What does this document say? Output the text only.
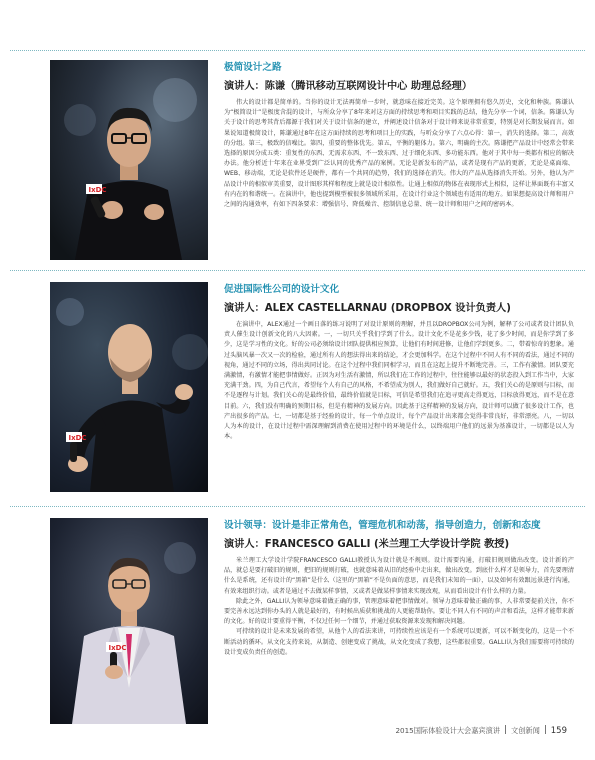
IxDC
极简设计之路
演讲人：陈谦（腾讯移动互联网设计中心 助理总经理）

伟大的设计都是简单的。当你的设计无法再简单一步时，就意味在接近完美。这个原理拥有悠久历史，文化和种族。陈谦认为“极简设计”是极度含混的设计，与所众分享了8年来对这方面的持续思考和项目实践的总结，他先分享一个词，信条。陈谦认为关于设计的思考其背后都源于我们对关于设计信条的建立，并阐述设计信条对于设计师来说非常重要，特别是对长期发展而言。如果说知道极简设计，陈谦通过8年在这方面持续的思考和项目上的实践，与听众分享了六点心得：第一，消失的选择。第二，高效的分组。第三，极致的信噪比。第四，重要的整体优先。第五，平衡的躯体力。第六，明确的主次。陈谦把产品设计中经常会带来选择的原因分成五类：重复性的东西、无需求东西、不一致东西、过于细化东西、多功能东西。他对于其中每一类都有相应的解决办法。他分析近十年来在业界受到广泛认同的优秀产品的案例。无论是新发布的产品，或者是现有产品的更新，无论是桌面端、WEB、移动端，无论是软件还是硬件，都有一个共同的趋势，我们的选择在消失。伟大的产品从选择消失开始。另外，他认为产品设计中的相似审美重要，设计图形其样和程度上就是设计相似性。让通上相似的物体在表现形式上相似，这样让界面既有丰富又有内在的和谐统一。在演讲中，他也提到模型被很多领域所采用，在设计行业这个领域也有适用的地方。如果想提高设计师和用户之间的沟通效率，有如下四条要求：增强信号、降低噪音、控制信息总量、统一设计师和用户之间的密码本。

IxDC
促进国际性公司的设计文化
演讲人：ALEX CASTELLARNAU (DROPBOX 设计负责人)

在演讲中，ALEX通过一个画日落的练习说明了对设计原则的理解，并且以DROPBOX公司为例，解释了公司或者设计团队负责人催生设计创新文化的八大因素。一，一切只关乎我们学到了什么。设计文化不是花多少钱，花了多少时间，而是你学到了多少，这是学习性的文化。好的公司必须给设计团队提供相应预算，让他们有时间进修，让他们学到更多。二，带着惊奇的想象。通过头脑风暴一次又一次的检验，通过所有人的想法得出来的结论，才会更加科学。在这个过程中不同人有不同的看法，通过不同的视角，通过不同的立场，得出共同讨论。在这个过程中我们同相学习，而且在这起上提升不断地完善。三，工作有激情。团队要充满激情，有激情才能把事情做好。正因为对生活有激情，所以我们在工作的过程中，往往能够以最好的状态投入到工作当中，大家充满干劲。四，为自己代言，希望每个人有自己的风格，不希望成为别人，我们做好自己就好。五，我们关心的是原则与目标，而不是逐程与计划。我们关心的是最终价值，最终价值就是目标，可信是希望我们在追寻更高走得更远，目标放得更远，而不是在意目前。六，我们没有明确的预期目标，但是有精神的发展方向。因此基于这样精神的发展方向，设计师可以做了很多设计工作，也产出很多的产品。七，一切都是基于经验的设计，每一个单点设计，每个产品设计出来都会觉得非常良好，非常漂亮。八，一切以人为本的设计，在设计过程中需深理解到消费在使用过程中的环境是什么，以终端用户他们的远景为基准设计，一切都是以人为本。

IxDC
设计领导：设计是非正常角色，管理危机和动荡，指导创造力，创新和态度
演讲人：FRANCESCO GALLI (米兰理工大学设计学院 教授)

米兰理工大学设计学院FRANCESCO GALLI教授认为设计就是不规则。设计需要沟通，打破旧规则做出改变。设计新的产品，就总是要打破旧的规则，把旧的规则打破，也就意味着从旧的经验中走出来，做出改变。到底什么样才是领导力，首先要理清什么是系统，还有设计的“黑箱”是什么（这里的“黑箱”不是负面的意思，而是我们未知的一面），以及如何有效跟远景进行沟通，有效来组织行动。或者是通过不去做某样事情，又或者是做某样事情来实现改观，从而看出设计有什么样的力量。

除此之外，GALLI认为领导意味着做正确的事，管理意味着把事情做对。领导力意味着做正确的事，人非常要提前关注，你不要完善永远达到你办头的人就是最好的，有时候出质获和挑战的人更能帮助你。要让不同人有不同的声音和看法，这样才能带来新的文化。好的设计要重得平衡，不仅过任何一个细节，并通过获取资源来发现和解决问题。

可持续的设计是未来发展的希望，从他个人的看法来讲，可持续性应该是有一个系统可以更新，可以不断变化的，这是一个不断活动的循环。从文化支持来说，从制造、创建变成了挑战，从文化变成了我想，这些都很重要。GALLI认为我们需要将可持续的设计变成负责任的创造。

2015国际体验设计大会嘉宾演讲 文创新闻 159
